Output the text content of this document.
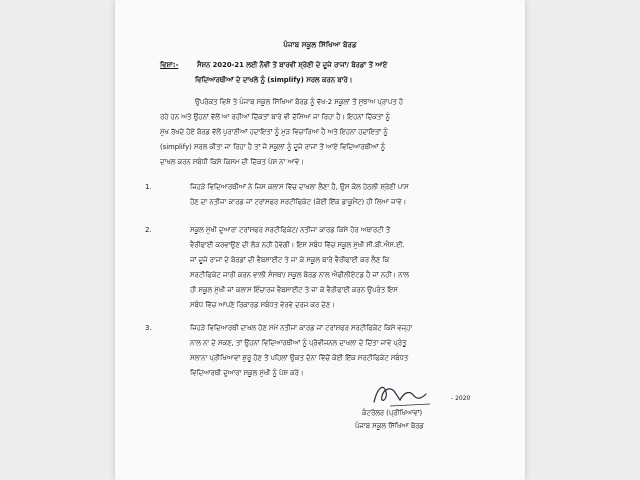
ਪੰਜਾਬ ਸਕੂਲ ਸਿੱਖਿਆ ਬੋਰਡ
ਵਿਸ਼ਾ:-	ਸੈਸ਼ਨ 2020-21 ਲਈ ਨੌਵੀਂ ਤੋਂ ਬਾਰਵੀਂ ਸ਼੍ਰੇਣੀ ਦੇ ਦੂਜੇ ਰਾਜਾਂ/ ਬੋਰਡਾਂ ਤੋਂ ਆਏ
ਵਿਦਿਆਰਥੀਆਂ ਦੇ ਦਾਖਲੇ ਨੂੰ (simplify) ਸਰਲ ਕਰਨ ਬਾਰੇ।
ਉਪਰੋਕਤ ਵਿਸ਼ੇ ਤੇ ਪੰਜਾਬ ਸਕੂਲ ਸਿੱਖਿਆ ਬੋਰਡ ਨੂੰ ਵੱਖ-2 ਸਕੂਲਾਂ ਤੋਂ ਸੁਝਾਅ ਪ੍ਰਾਪਤ ਹੋ
ਰਹੇ ਹਨ ਅਤੇ ਉਹਨਾਂ ਵੱਲੋਂ ਆ ਰਹੀਆਂ ਦਿੱਕਤਾਂ ਬਾਰੇ ਵੀ ਦੱਸਿਆ ਜਾ ਰਿਹਾ ਹੈ। ਇਹਨਾਂ ਦਿੱਕਤਾਂ ਨੂੰ
ਮੁੱਖ ਰੱਖਦੇ ਹੋਏ ਬੋਰਡ ਵੱਲੋਂ ਪੁਰਾਣੀਆਂ ਹਦਾਇਤਾਂ ਨੂੰ ਮੁੜ ਵਿਚਾਰਿਆ ਹੈ ਅਤੇ ਇਹਨਾਂ ਹਦਾਇਤਾਂ ਨੂੰ
(simplify) ਸਰਲ ਕੀਤਾ ਜਾ ਰਿਹਾ ਹੈ ਤਾਂ ਜੋ ਸਕੂਲਾਂ ਨੂੰ ਦੂਜੇ ਰਾਜਾਂ ਤੋਂ ਆਏ ਵਿਦਿਆਰਥੀਆਂ ਨੂੰ
ਦਾਖਲ ਕਰਨ ਸਬੰਧੀ ਕਿਸੇ ਕਿਸਮ ਦੀ ਦਿੱਕਤ ਪੇਸ਼ ਨਾ ਆਵੇ।
1.	ਜਿਹੜੇ ਵਿਦਿਆਰਥੀਆਂ ਨੇ ਜਿਸ ਕਲਾਸ ਵਿੱਚ ਦਾਖਲਾ ਲੈਣਾ ਹੈ, ਉਸ ਕੋਲ ਹੇਠਲੀ ਸ਼੍ਰੇਣੀ ਪਾਸ
ਹੋਣ ਦਾ ਨਤੀਜਾ ਕਾਰਡ ਜਾਂ ਟਰਾਂਸਫਰ ਸਰਟੀਫਿਕੇਟ (ਕੋਈ ਇੱਕ ਡਾਕੂਮੈਂਟ) ਹੀ ਲਿਆ ਜਾਵੇ।
2.	ਸਕੂਲ ਮੁੱਖੀ ਦੁਆਰਾ ਟਰਾਂਸਫਰ ਸਰਟੀਫਿਕੇਟ/ ਨਤੀਜਾ ਕਾਰਡ ਕਿਸੇ ਹੋਰ ਅਥਾਰਟੀ ਤੋਂ
ਵੈਰੀਫਾਈ ਕਰਵਾਉਣ ਦੀ ਲੋੜ ਨਹੀਂ ਹੋਵੇਗੀ। ਇਸ ਸਬੰਧ ਵਿੱਚ ਸਕੂਲ ਮੁੱਖੀ ਸੀ.ਬੀ.ਐਸ.ਈ.
ਜਾਂ ਦੂਜੇ ਰਾਜਾਂ ਦੇ ਬੋਰਡਾਂ ਦੀ ਵੈਬਸਾਈਟ ਤੇ ਜਾ ਕੇ ਸਕੂਲ ਬਾਰੇ ਵੈਰੀਫਾਈ ਕਰ ਲੈਣ ਕਿ
ਸਰਟੀਫਿਕੇਟ ਜਾਰੀ ਕਰਨ ਵਾਲੀ ਸੰਸਥਾ/ ਸਕੂਲ ਬੋਰਡ ਨਾਲ ਐਫੀਲੀਏਟਡ ਹੈ ਜਾਂ ਨਹੀਂ। ਨਾਲ
ਹੀ ਸਕੂਲ ਮੁੱਖੀ ਜਾਂ ਕਲਾਸ ਇੰਚਾਰਜ ਵੈਬਸਾਈਟ ਤੇ ਜਾ ਕੇ ਵੈਰੀਫਾਈ ਕਰਨ ਉਪਰੰਤ ਇਸ
ਸਬੰਧ ਵਿੱਚ ਆਪਣੇ ਰਿਕਾਰਡ ਸਬੰਧਤ ਵੇਰਵੇ ਦਰਜ ਕਰ ਦੇਣ।
3.	ਜਿਹੜੇ ਵਿਦਿਆਰਥੀ ਦਾਖਲ ਹੋਣ ਸਮੇਂ ਨਤੀਜਾ ਕਾਰਡ ਜਾਂ ਟਰਾਂਸਫਰ ਸਰਟੀਫਿਕੇਟ ਕਿਸੇ ਵਜ੍ਹਾ
ਨਾਲ ਨਾ ਦੇ ਸਕਣ, ਤਾਂ ਉਹਨਾਂ ਵਿਦਿਆਰਥੀਆਂ ਨੂੰ ਪ੍ਰੋਵੀਜਨਲ ਦਾਖਲਾ ਦੇ ਦਿੱਤਾ ਜਾਵੇ ਪ੍ਰੰਤੂ
ਸਲਾਨਾ ਪ੍ਰੀਖਿਆਵਾਂ ਸ਼ੁਰੂ ਹੋਣ ਤੋਂ ਪਹਿਲਾਂ ਉਕਤ ਦੋਨਾ ਵਿੱਚੋਂ ਕੋਈ ਇੱਕ ਸਰਟੀਫਿਕੇਟ ਸਬੰਧਤ
ਵਿਦਿਆਰਥੀ ਦੁਆਰਾ ਸਕੂਲ ਮੁੱਖੀ ਨੂੰ ਪੇਸ਼ ਕਰੇ।
- 2020
ਕੰਟਰੋਲਰ (ਪ੍ਰੀਖਿਆਵਾਂ)
ਪੰਜਾਬ ਸਕੂਲ ਸਿੱਖਿਆ ਬੋਰਡ
